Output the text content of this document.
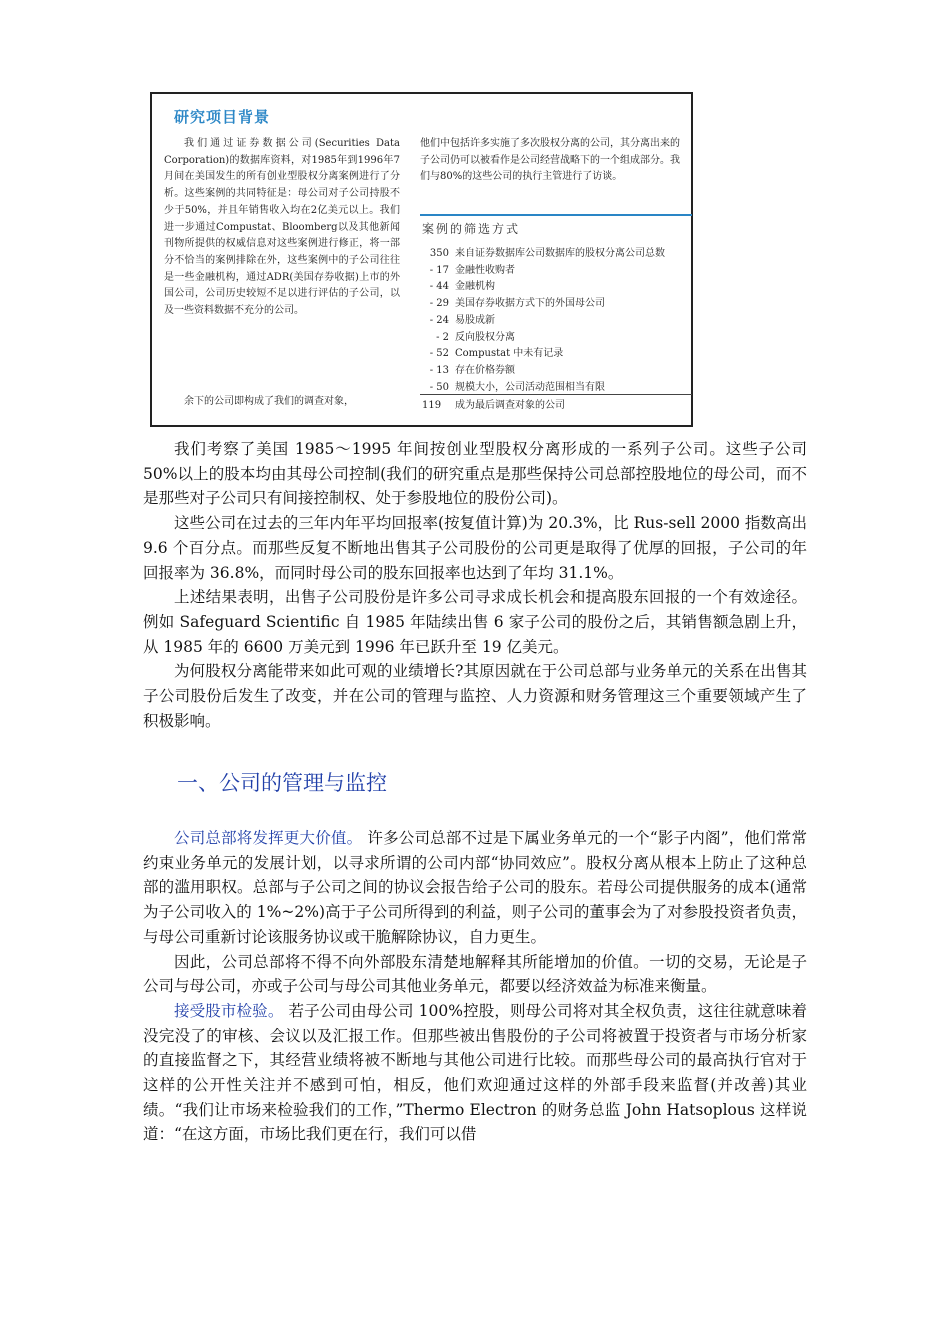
研究项目背景

我们通过证券数据公司(Securities Data Corporation)的数据库资料，对1985年到1996年7月间在美国发生的所有创业型股权分离案例进行了分析。这些案例的共同特征是：母公司对子公司持股不少于50%，并且年销售收入均在2亿美元以上。我们进一步通过Compustat、Bloomberg以及其他新闻刊物所提供的权威信息对这些案例进行修正，将一部分不恰当的案例排除在外，这些案例中的子公司往往是一些金融机构，通过ADR(美国存券收据)上市的外国公司，公司历史较短不足以进行评估的子公司，以及一些资料数据不充分的公司。

余下的公司即构成了我们的调查对象，

他们中包括许多实施了多次股权分离的公司，其分离出来的子公司仍可以被看作是公司经营战略下的一个组成部分。我们与80%的这些公司的执行主管进行了访谈。

案例的筛选方式
350 来自证券数据库公司数据库的股权分离公司总数
- 17 金融性收购者
- 44 金融机构
- 29 美国存券收据方式下的外国母公司
- 24 易股成新
- 2 反向股权分离
- 52 Compustat 中未有记录
- 13 存在价格券额
- 50 规模大小，公司活动范围相当有限
119 成为最后调查对象的公司

我们考察了美国 1985～1995 年间按创业型股权分离形成的一系列子公司。这些子公司 50%以上的股本均由其母公司控制(我们的研究重点是那些保持公司总部控股地位的母公司，而不是那些对子公司只有间接控制权、处于参股地位的股份公司)。

这些公司在过去的三年内年平均回报率(按复值计算)为 20.3%，比 Rus-sell 2000 指数高出 9.6 个百分点。而那些反复不断地出售其子公司股份的公司更是取得了优厚的回报，子公司的年回报率为 36.8%，而同时母公司的股东回报率也达到了年均 31.1%。

上述结果表明，出售子公司股份是许多公司寻求成长机会和提高股东回报的一个有效途径。例如 Safeguard Scientific 自 1985 年陆续出售 6 家子公司的股份之后，其销售额急剧上升，从 1985 年的 6600 万美元到 1996 年已跃升至 19 亿美元。

为何股权分离能带来如此可观的业绩增长?其原因就在于公司总部与业务单元的关系在出售其子公司股份后发生了改变，并在公司的管理与监控、人力资源和财务管理这三个重要领域产生了积极影响。

一、公司的管理与监控

公司总部将发挥更大价值。 许多公司总部不过是下属业务单元的一个“影子内阁”，他们常常约束业务单元的发展计划，以寻求所谓的公司内部“协同效应”。股权分离从根本上防止了这种总部的滥用职权。总部与子公司之间的协议会报告给子公司的股东。若母公司提供服务的成本(通常为子公司收入的 1%~2%)高于子公司所得到的利益，则子公司的董事会为了对参股投资者负责，与母公司重新讨论该服务协议或干脆解除协议，自力更生。

因此，公司总部将不得不向外部股东清楚地解释其所能增加的价值。一切的交易，无论是子公司与母公司，亦或子公司与母公司其他业务单元，都要以经济效益为标准来衡量。

接受股市检验。 若子公司由母公司 100%控股，则母公司将对其全权负责，这往往就意味着没完没了的审核、会议以及汇报工作。但那些被出售股份的子公司将被置于投资者与市场分析家的直接监督之下，其经营业绩将被不断地与其他公司进行比较。而那些母公司的最高执行官对于这样的公开性关注并不感到可怕，相反，他们欢迎通过这样的外部手段来监督(并改善)其业绩。“我们让市场来检验我们的工作，”Thermo Electron 的财务总监 John Hatsoplous 这样说道：“在这方面，市场比我们更在行，我们可以借
